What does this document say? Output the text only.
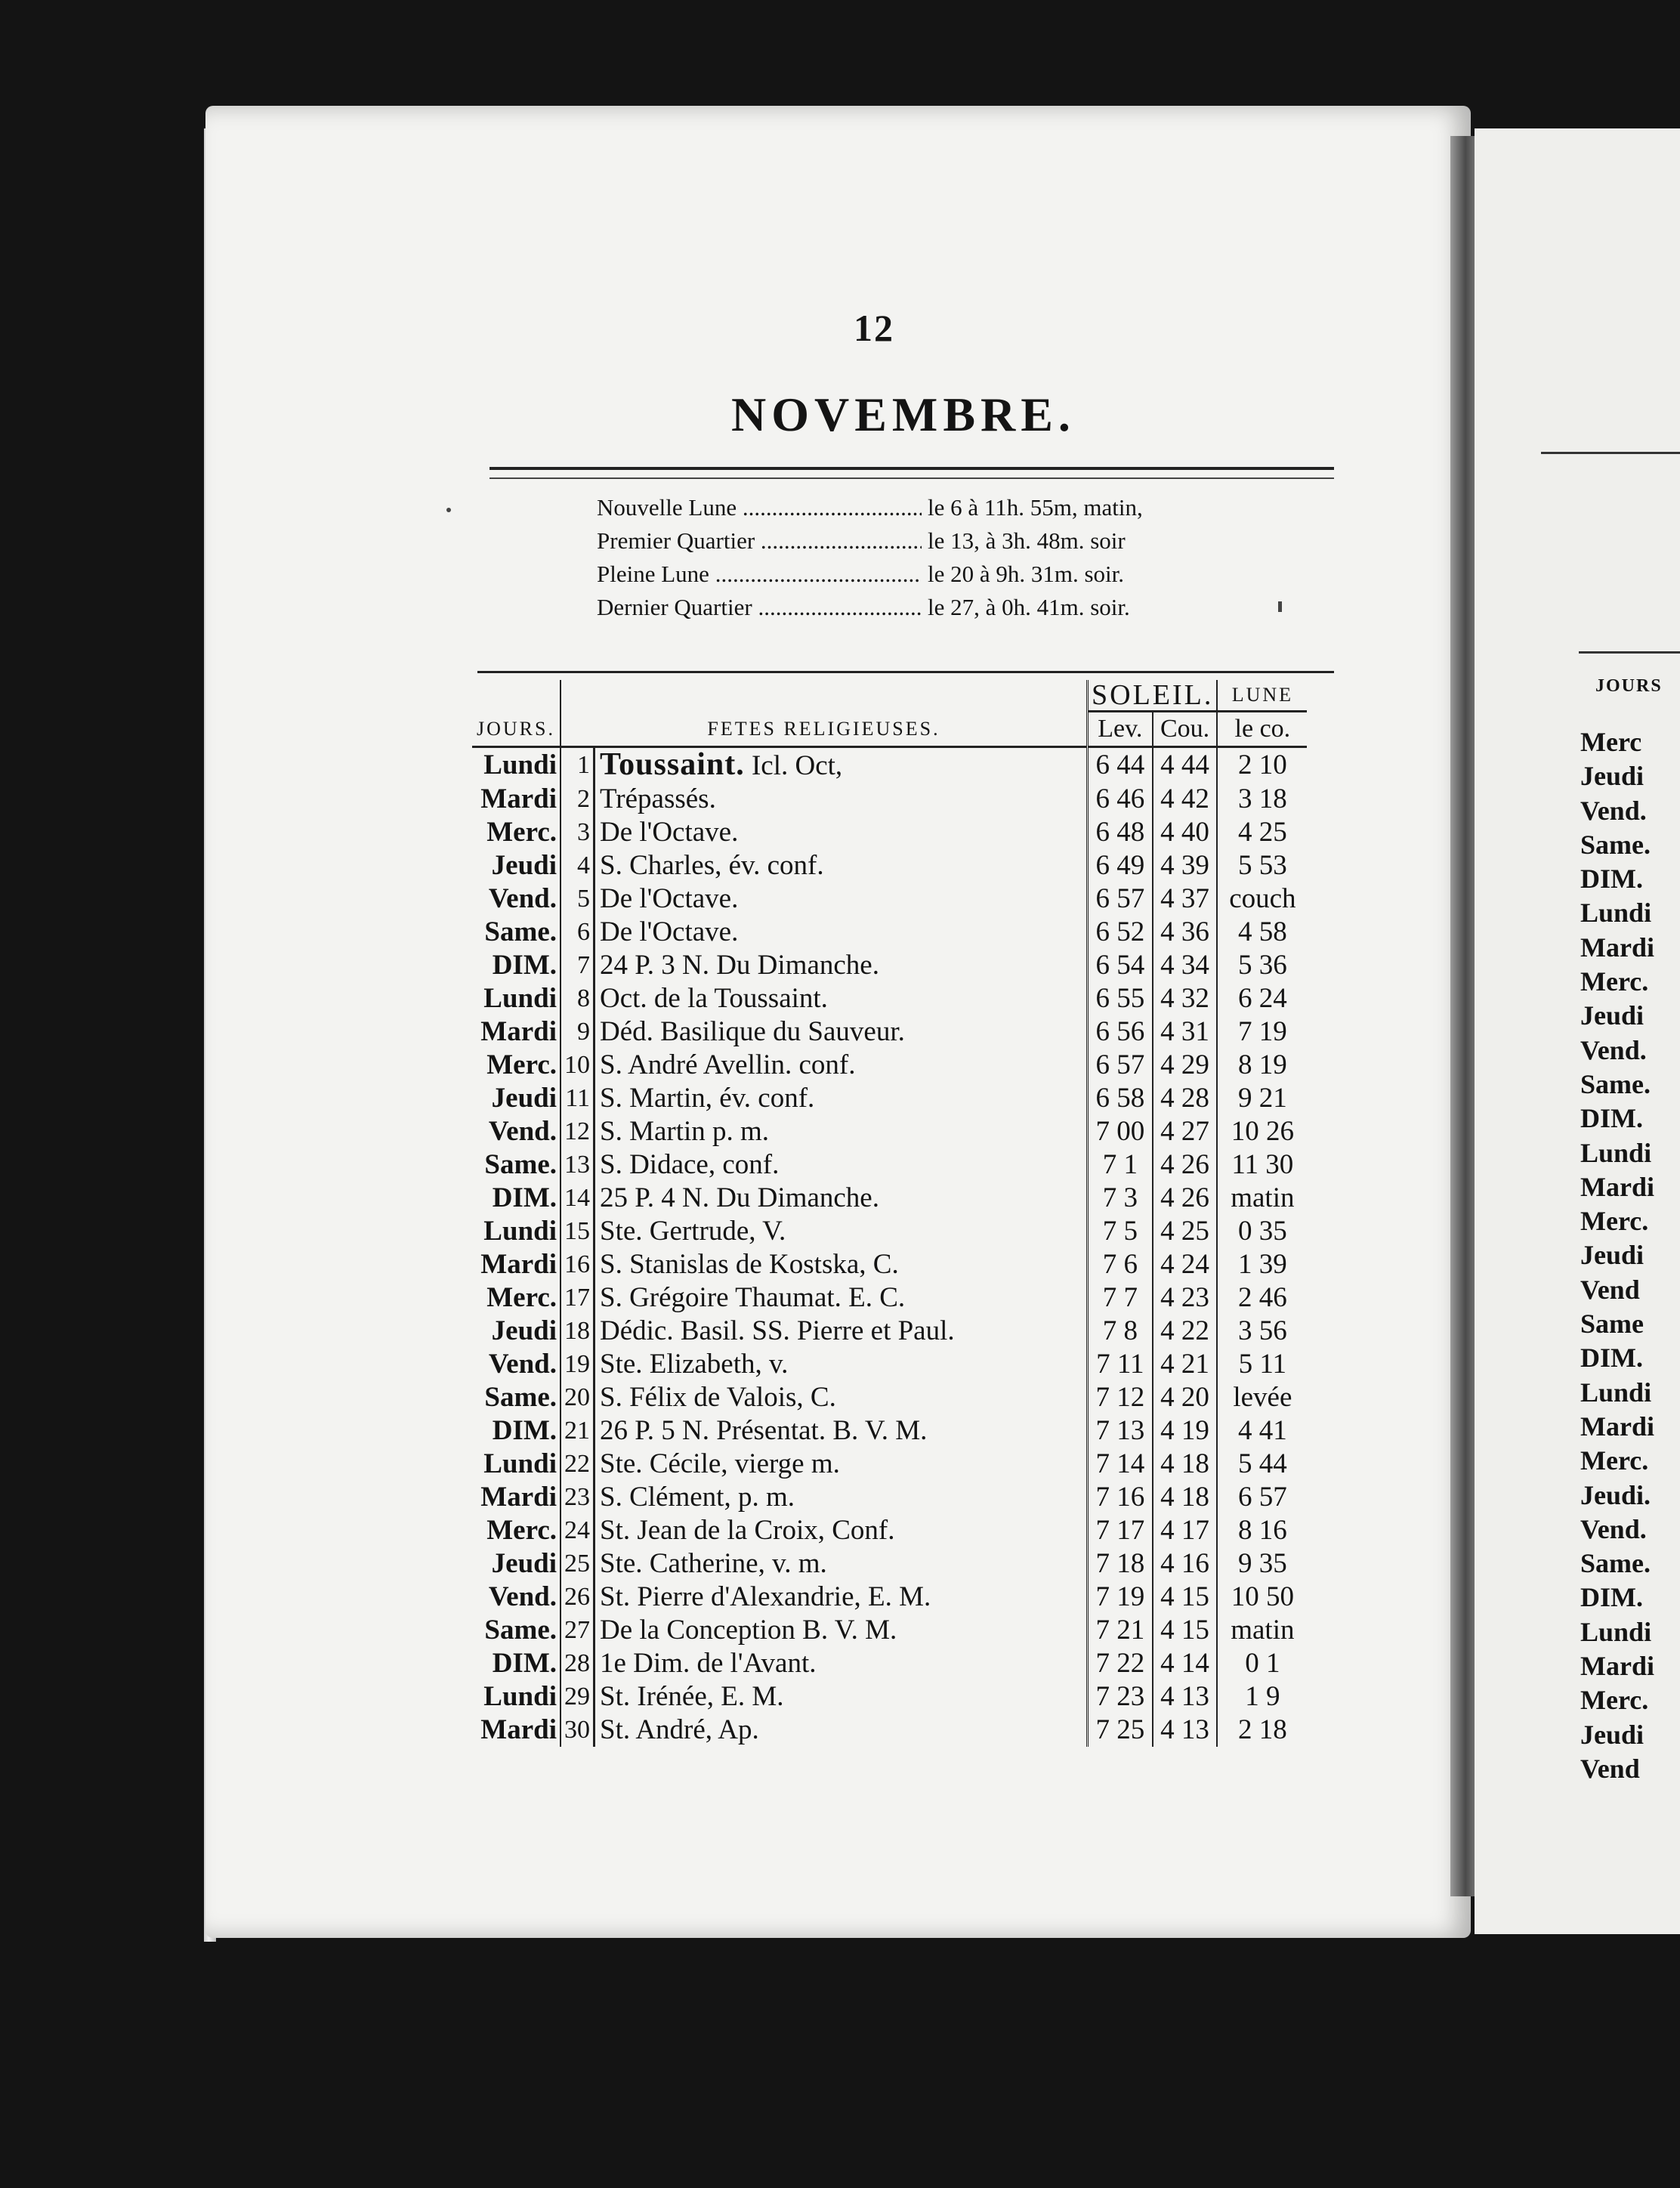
12
NOVEMBRE.
Nouvelle Lune .....	le 6 à 11h. 55m, matin,
Premier Quartier .....	le 13, à 3h. 48m. soir
Pleine Lune .....	le 20 à 9h. 31m. soir.
Dernier Quartier .....	le 27, à 0h. 41m. soir.
JOURS.	FETES RELIGIEUSES.		SOLEIL.		LUNE
			Lev.	Cou.	le co.
Lundi	1	Toussaint. Icl. Oct,	6 44	4 44	2 10
Mardi	2	Trépassés.	6 46	4 42	3 18
Merc.	3	De l'Octave.	6 48	4 40	4 25
Jeudi	4	S. Charles, év. conf.	6 49	4 39	5 53
Vend.	5	De l'Octave.	6 57	4 37	couch
Same.	6	De l'Octave.	6 52	4 36	4 58
DIM.	7	24 P. 3 N. Du Dimanche.	6 54	4 34	5 36
Lundi	8	Oct. de la Toussaint.	6 55	4 32	6 24
Mardi	9	Déd. Basilique du Sauveur.	6 56	4 31	7 19
Merc.	10	S. André Avellin. conf.	6 57	4 29	8 19
Jeudi	11	S. Martin, év. conf.	6 58	4 28	9 21
Vend.	12	S. Martin p. m.	7 00	4 27	10 26
Same.	13	S. Didace, conf.	7 1	4 26	11 30
DIM.	14	25 P. 4 N. Du Dimanche.	7 3	4 26	matin
Lundi	15	Ste. Gertrude, V.	7 5	4 25	0 35
Mardi	16	S. Stanislas de Kostska, C.	7 6	4 24	1 39
Merc.	17	S. Grégoire Thaumat. E. C.	7 7	4 23	2 46
Jeudi	18	Dédic. Basil. SS. Pierre et Paul.	7 8	4 22	3 56
Vend.	19	Ste. Elizabeth, v.	7 11	4 21	5 11
Same.	20	S. Félix de Valois, C.	7 12	4 20	levée
DIM.	21	26 P. 5 N. Présentat. B. V. M.	7 13	4 19	4 41
Lundi	22	Ste. Cécile, vierge m.	7 14	4 18	5 44
Mardi	23	S. Clément, p. m.	7 16	4 18	6 57
Merc.	24	St. Jean de la Croix, Conf.	7 17	4 17	8 16
Jeudi	25	Ste. Catherine, v. m.	7 18	4 16	9 35
Vend.	26	St. Pierre d'Alexandrie, E. M.	7 19	4 15	10 50
Same.	27	De la Conception B. V. M.	7 21	4 15	matin
DIM.	28	1e Dim. de l'Avant.	7 22	4 14	0 1
Lundi	29	St. Irénée, E. M.	7 23	4 13	1 9
Mardi	30	St. André, Ap.	7 25	4 13	2 18
JOURS
Merc
Jeudi
Vend.
Same.
DIM.
Lundi
Mardi
Merc.
Jeudi
Vend.
Same.
DIM.
Lundi
Mardi
Merc.
Jeudi
Vend
Same
DIM.
Lundi
Mardi
Merc.
Jeudi.
Vend.
Same.
DIM.
Lundi
Mardi
Merc.
Jeudi
Vend
